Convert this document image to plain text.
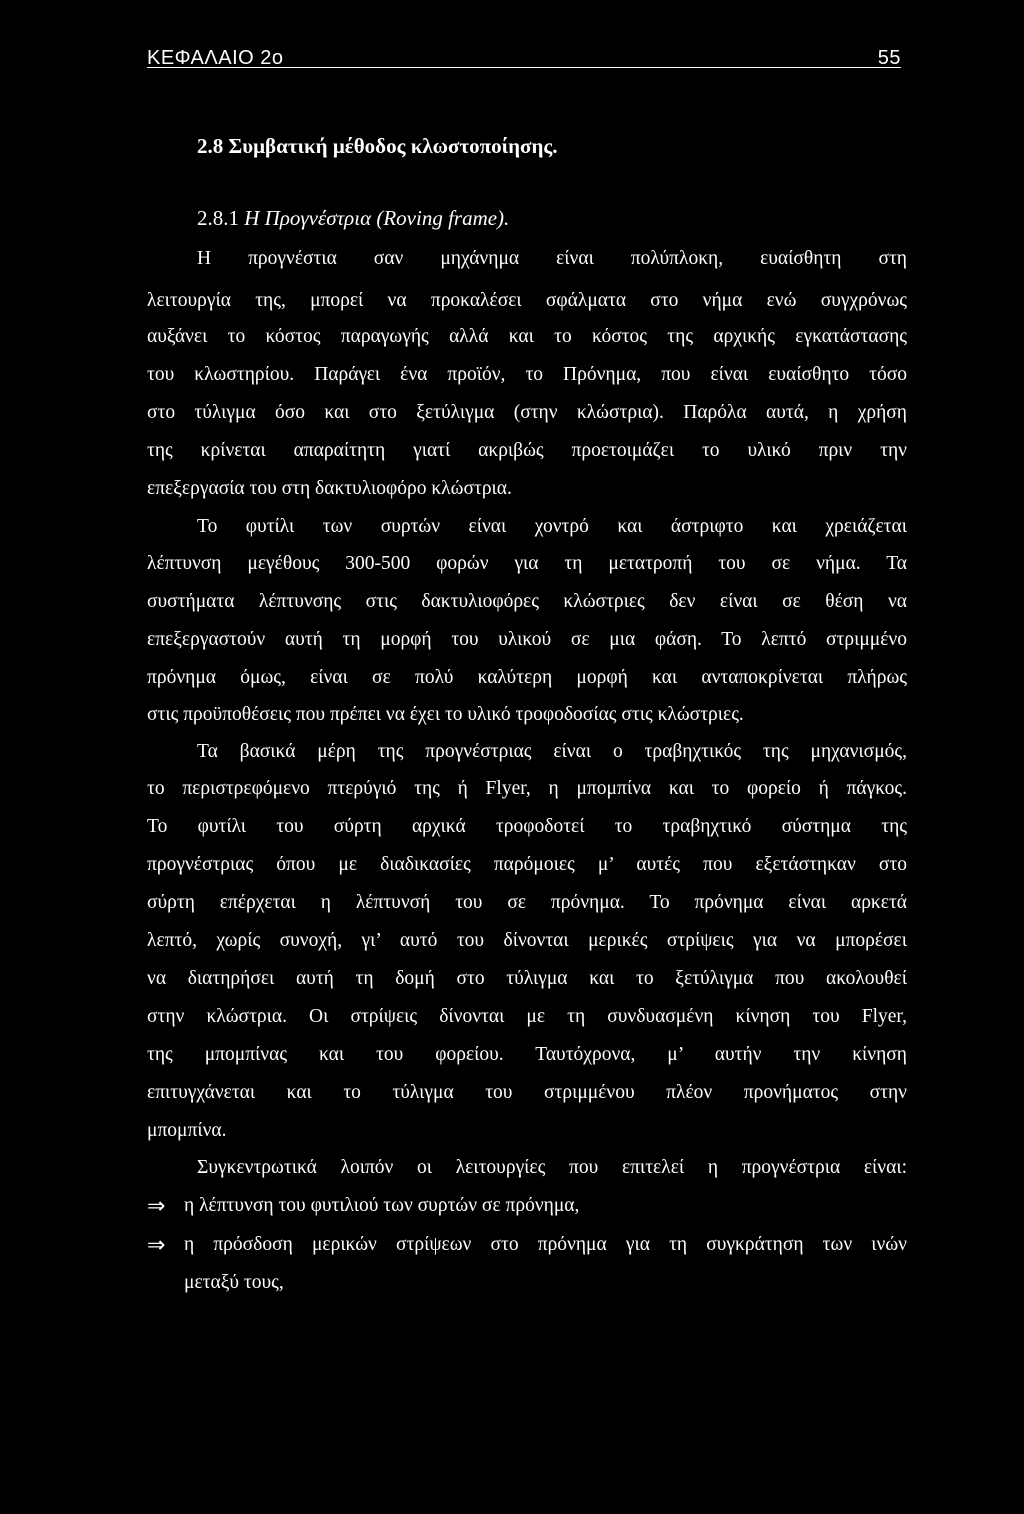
ΚΕΦΑΛΑΙΟ 2ο	55
2.8 Συμβατική μέθοδος κλωστοποίησης.
2.8.1 Η Προγνέστρια (Roving frame).
Η προγνέστια σαν μηχάνημα είναι πολύπλοκη, ευαίσθητη στη
λειτουργία της, μπορεί να προκαλέσει σφάλματα στο νήμα ενώ συγχρόνως
αυξάνει το κόστος παραγωγής αλλά και το κόστος της αρχικής εγκατάστασης
του κλωστηρίου. Παράγει ένα προϊόν, το Πρόνημα, που είναι ευαίσθητο τόσο
στο τύλιγμα όσο και στο ξετύλιγμα (στην κλώστρια). Παρόλα αυτά, η χρήση
της κρίνεται απαραίτητη γιατί ακριβώς προετοιμάζει το υλικό πριν την
επεξεργασία του στη δακτυλιοφόρο κλώστρια.
Το φυτίλι των συρτών είναι χοντρό και άστριφτο και χρειάζεται
λέπτυνση μεγέθους 300-500 φορών για τη μετατροπή του σε νήμα. Τα
συστήματα λέπτυνσης στις δακτυλιοφόρες κλώστριες δεν είναι σε θέση να
επεξεργαστούν αυτή τη μορφή του υλικού σε μια φάση. Το λεπτό στριμμένο
πρόνημα όμως, είναι σε πολύ καλύτερη μορφή και ανταποκρίνεται πλήρως
στις προϋποθέσεις που πρέπει να έχει το υλικό τροφοδοσίας στις κλώστριες.
Τα βασικά μέρη της προγνέστριας είναι ο τραβηχτικός της μηχανισμός,
το περιστρεφόμενο πτερύγιό της ή Flyer, η μπομπίνα και το φορείο ή πάγκος.
Το φυτίλι του σύρτη αρχικά τροφοδοτεί το τραβηχτικό σύστημα της
προγνέστριας όπου με διαδικασίες παρόμοιες μ’ αυτές που εξετάστηκαν στο
σύρτη επέρχεται η λέπτυνσή του σε πρόνημα. Το πρόνημα είναι αρκετά
λεπτό, χωρίς συνοχή, γι’ αυτό του δίνονται μερικές στρίψεις για να μπορέσει
να διατηρήσει αυτή τη δομή στο τύλιγμα και το ξετύλιγμα που ακολουθεί
στην κλώστρια. Οι στρίψεις δίνονται με τη συνδυασμένη κίνηση του Flyer,
της μπομπίνας και του φορείου. Ταυτόχρονα, μ’ αυτήν την κίνηση
επιτυγχάνεται και το τύλιγμα του στριμμένου πλέον προνήματος στην
μπομπίνα.
Συγκεντρωτικά λοιπόν οι λειτουργίες που επιτελεί η προγνέστρια είναι:
⇒ η λέπτυνση του φυτιλιού των συρτών σε πρόνημα,
⇒ η πρόσδοση μερικών στρίψεων στο πρόνημα για τη συγκράτηση των ινών
μεταξύ τους,
